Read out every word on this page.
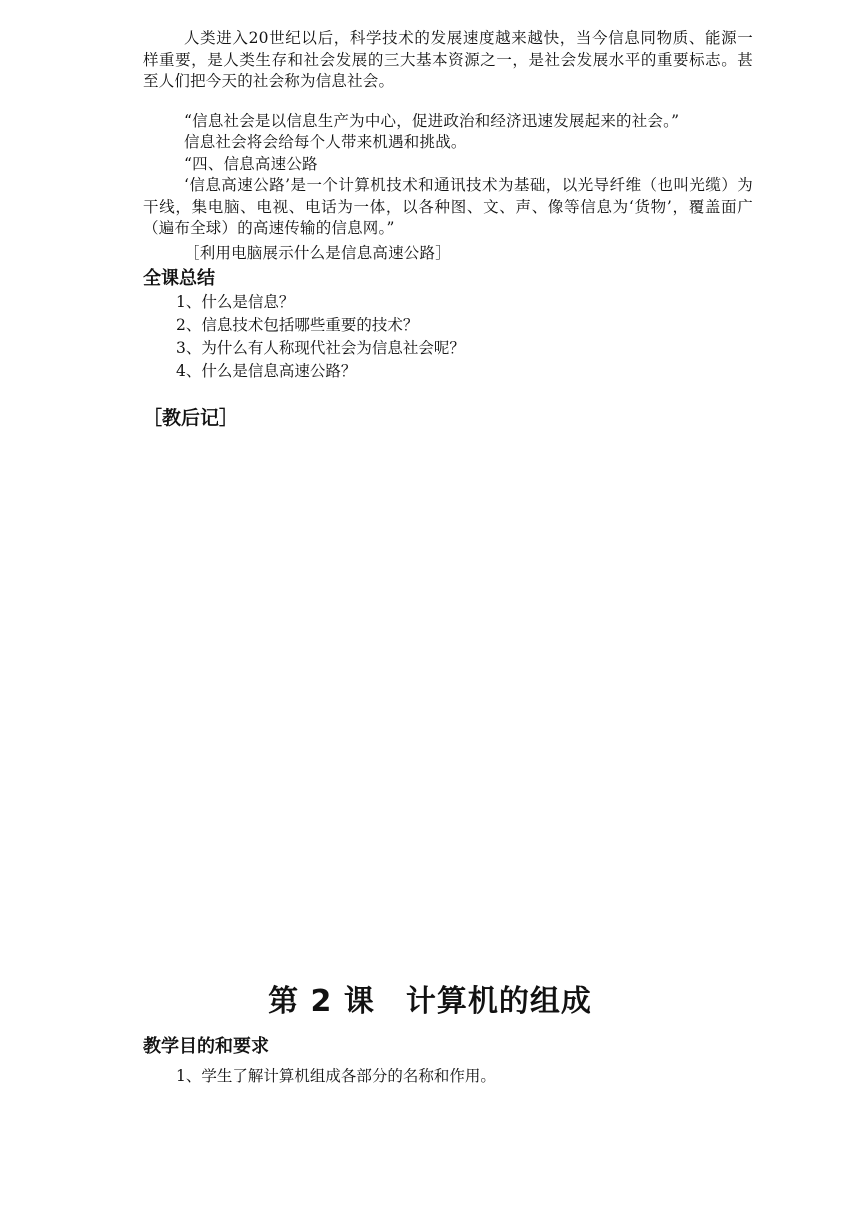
人类进入20世纪以后，科学技术的发展速度越来越快，当今信息同物质、能源一样重要，是人类生存和社会发展的三大基本资源之一，是社会发展水平的重要标志。甚至人们把今天的社会称为信息社会。

“信息社会是以信息生产为中心，促进政治和经济迅速发展起来的社会。”

信息社会将会给每个人带来机遇和挑战。

“四、信息高速公路

‘信息高速公路’是一个计算机技术和通讯技术为基础，以光导纤维（也叫光缆）为干线，集电脑、电视、电话为一体，以各种图、文、声、像等信息为‘货物’，覆盖面广（遍布全球）的高速传输的信息网。”

［利用电脑展示什么是信息高速公路］

全课总结
1、什么是信息？
2、信息技术包括哪些重要的技术？
3、为什么有人称现代社会为信息社会呢？
4、什么是信息高速公路？
［教后记］
第 2 课　计算机的组成
教学目的和要求
1、学生了解计算机组成各部分的名称和作用。
